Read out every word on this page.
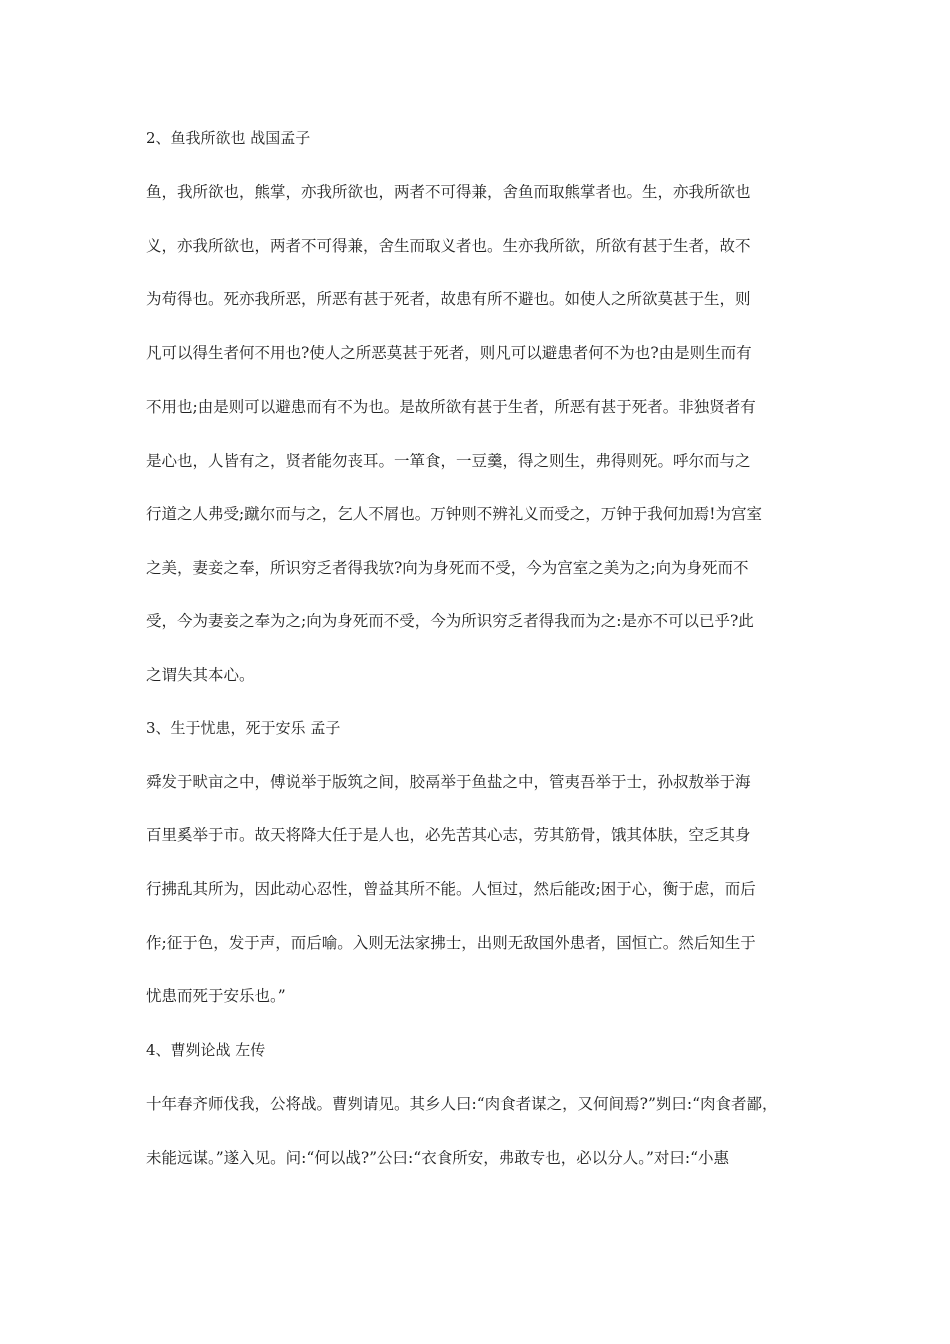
2、鱼我所欲也 战国孟子
鱼，我所欲也，熊掌，亦我所欲也，两者不可得兼，舍鱼而取熊掌者也。生，亦我所欲也
义，亦我所欲也，两者不可得兼，舍生而取义者也。生亦我所欲，所欲有甚于生者，故不
为苟得也。死亦我所恶，所恶有甚于死者，故患有所不避也。如使人之所欲莫甚于生，则
凡可以得生者何不用也?使人之所恶莫甚于死者，则凡可以避患者何不为也?由是则生而有
不用也;由是则可以避患而有不为也。是故所欲有甚于生者，所恶有甚于死者。非独贤者有
是心也，人皆有之，贤者能勿丧耳。一箪食，一豆羹，得之则生，弗得则死。呼尔而与之
行道之人弗受;蹴尔而与之，乞人不屑也。万钟则不辨礼义而受之，万钟于我何加焉!为宫室
之美，妻妾之奉，所识穷乏者得我欤?向为身死而不受，今为宫室之美为之;向为身死而不
受，今为妻妾之奉为之;向为身死而不受，今为所识穷乏者得我而为之:是亦不可以已乎?此
之谓失其本心。
3、生于忧患，死于安乐 孟子
舜发于畎亩之中，傅说举于版筑之间，胶鬲举于鱼盐之中，管夷吾举于士，孙叔敖举于海
百里奚举于市。故天将降大任于是人也，必先苦其心志，劳其筋骨，饿其体肤，空乏其身
行拂乱其所为，因此动心忍性，曾益其所不能。人恒过，然后能改;困于心，衡于虑，而后
作;征于色，发于声，而后喻。入则无法家拂士，出则无敌国外患者，国恒亡。然后知生于
忧患而死于安乐也。”
4、曹刿论战 左传
十年春齐师伐我，公将战。曹刿请见。其乡人曰:“肉食者谋之，又何间焉?”刿曰:“肉食者鄙，
未能远谋。”遂入见。问:“何以战?”公曰:“衣食所安，弗敢专也，必以分人。”对曰:“小惠
